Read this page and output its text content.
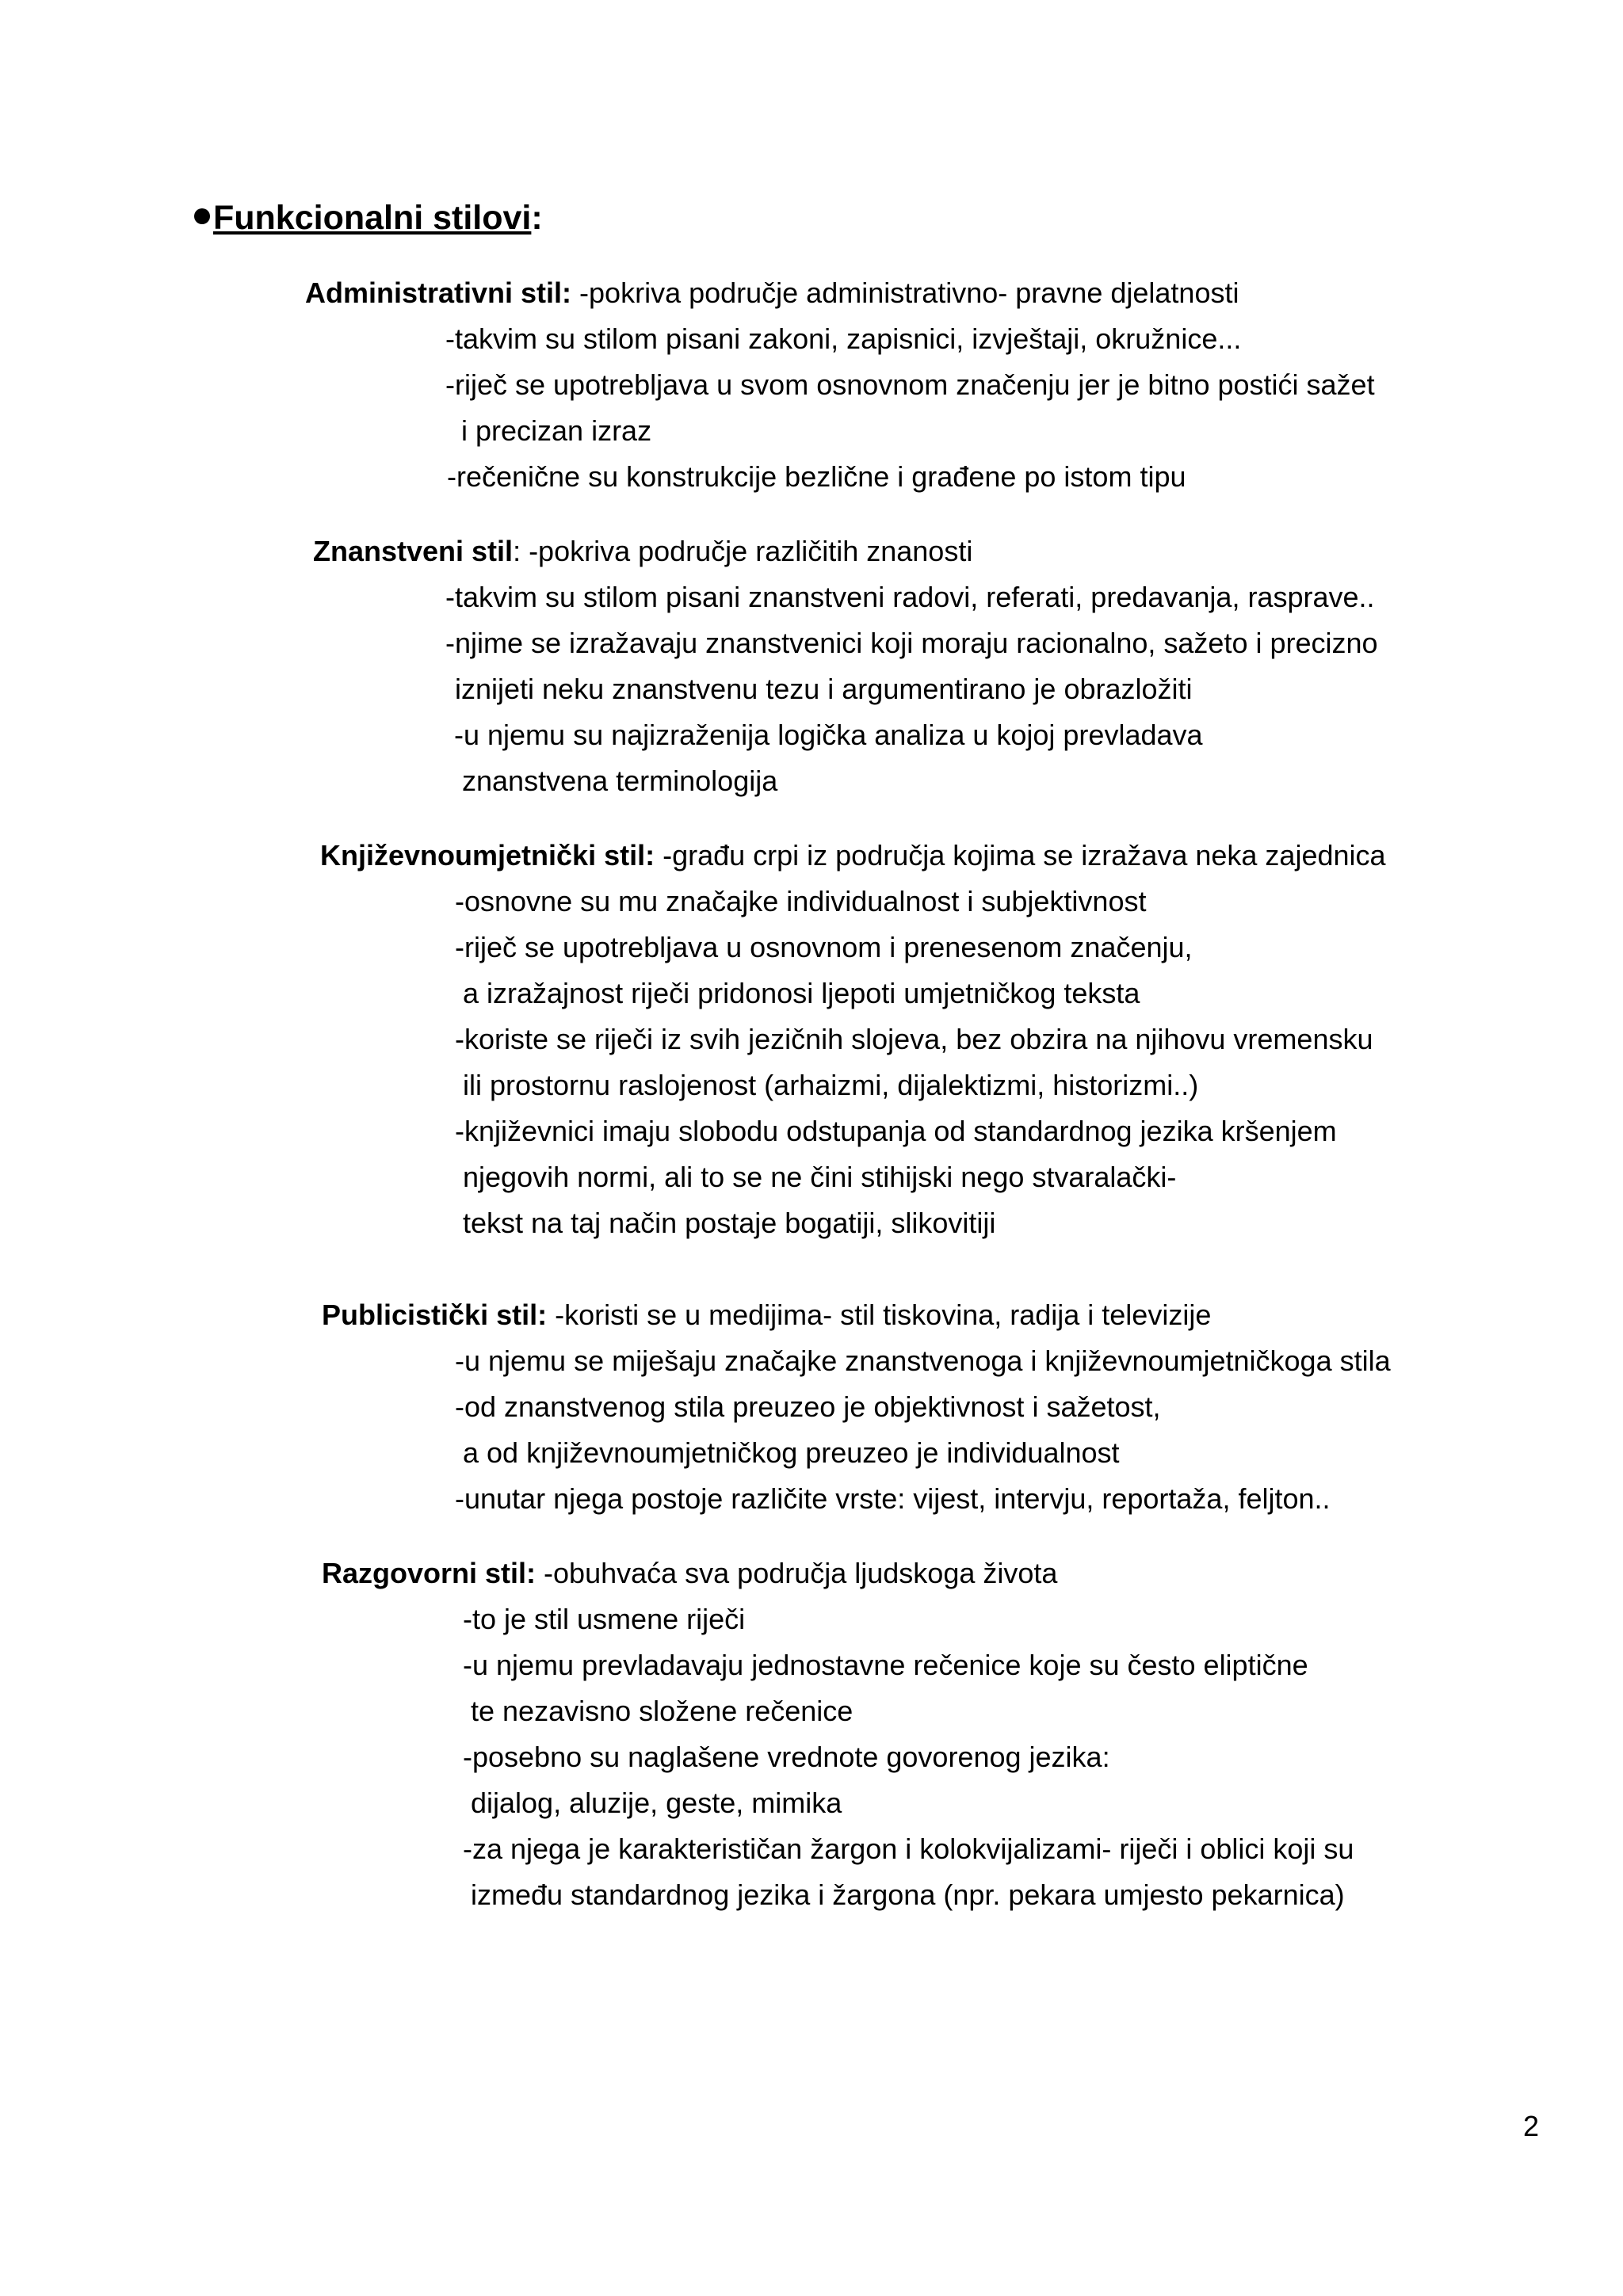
Funkcionalni stilovi:
Administrativni stil: -pokriva područje administrativno- pravne djelatnosti
-takvim su stilom pisani zakoni, zapisnici, izvještaji, okružnice...
-riječ se upotrebljava u svom osnovnom značenju jer je bitno postići sažet
i precizan izraz
-rečenične su konstrukcije bezlične i građene po istom tipu
Znanstveni stil: -pokriva područje različitih znanosti
-takvim su stilom pisani znanstveni radovi, referati, predavanja, rasprave..
-njime se izražavaju znanstvenici koji moraju racionalno, sažeto i precizno
iznijeti neku znanstvenu tezu i argumentirano je obrazložiti
-u njemu su najizraženija logička analiza u kojoj prevladava
znanstvena terminologija
Književnoumjetnički stil: -građu crpi iz područja kojima se izražava neka zajednica
-osnovne su mu značajke individualnost i subjektivnost
-riječ se upotrebljava u osnovnom i prenesenom značenju,
a izražajnost riječi pridonosi ljepoti umjetničkog teksta
-koriste se riječi iz svih jezičnih slojeva, bez obzira na njihovu vremensku
ili prostornu raslojenost (arhaizmi, dijalektizmi, historizmi..)
-književnici imaju slobodu odstupanja od standardnog jezika kršenjem
njegovih normi, ali to se ne čini stihijski nego stvaralački-
tekst na taj način postaje bogatiji, slikovitiji
Publicistički stil: -koristi se u medijima- stil tiskovina, radija i televizije
-u njemu se miješaju značajke znanstvenoga i književnoumjetničkoga stila
-od znanstvenog stila preuzeo je objektivnost i sažetost,
a od književnoumjetničkog preuzeo je individualnost
-unutar njega postoje različite vrste: vijest, intervju, reportaža, feljton..
Razgovorni stil: -obuhvaća sva područja ljudskoga života
-to je stil usmene riječi
-u njemu prevladavaju jednostavne rečenice koje su često eliptične
te nezavisno složene rečenice
-posebno su naglašene vrednote govorenog jezika:
dijalog, aluzije, geste, mimika
-za njega je karakterističan žargon i kolokvijalizami- riječi i oblici koji su
između standardnog jezika i žargona (npr. pekara umjesto pekarnica)
2
